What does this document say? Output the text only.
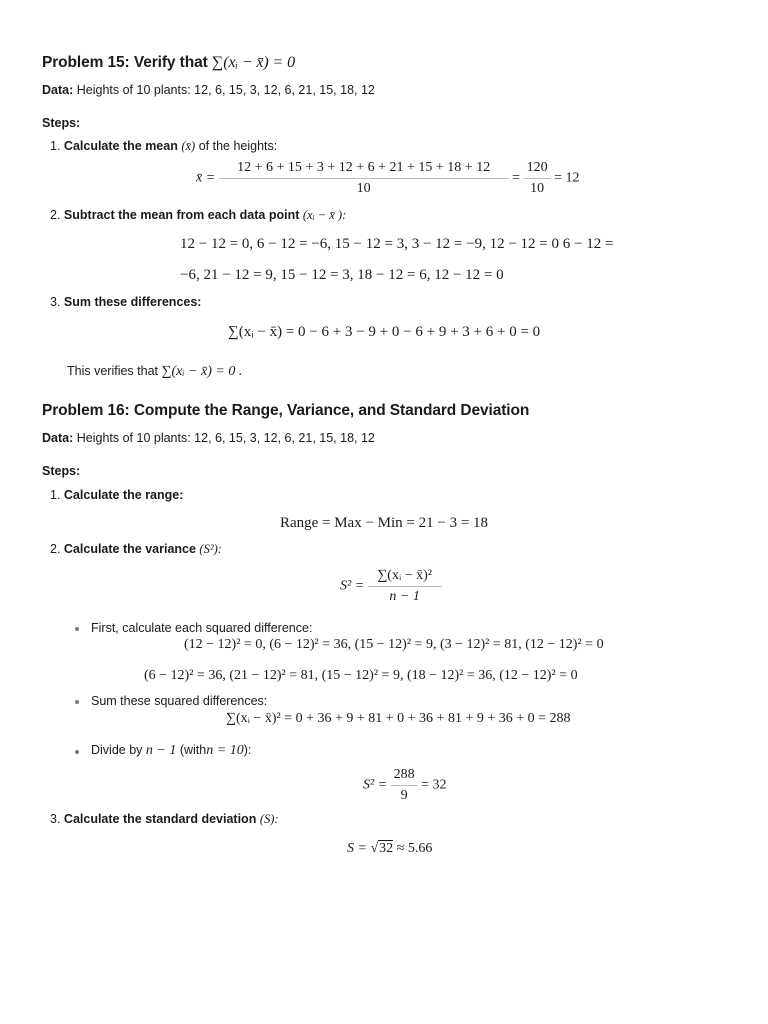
Problem 15: Verify that ∑(xᵢ − x̄) = 0
Data: Heights of 10 plants: 12, 6, 15, 3, 12, 6, 21, 15, 18, 12
Steps:
1. Calculate the mean (x̄) of the heights:
x̄ = $\frac{12 + 6 + 15 + 3 + 12 + 6 + 21 + 15 + 18 + 12}{10} = \frac{120}{10} = 12$
2. Subtract the mean from each data point (xᵢ − x̄ ):
12 − 12 = 0, 6 − 12 = −6, 15 − 12 = 3, 3 − 12 = −9, 12 − 12 = 0 6 − 12 =
−6, 21 − 12 = 9, 15 − 12 = 3, 18 − 12 = 6, 12 − 12 = 0
3. Sum these differences:
∑(xᵢ − x̄) = 0 − 6 + 3 − 9 + 0 − 6 + 9 + 3 + 6 + 0 = 0
This verifies that ∑(xᵢ − x̄) = 0 .
Problem 16: Compute the Range, Variance, and Standard Deviation
Data: Heights of 10 plants: 12, 6, 15, 3, 12, 6, 21, 15, 18, 12
Steps:
1. Calculate the range:
Range = Max − Min = 21 − 3 = 18
2. Calculate the variance (S²):
$S^2 = \frac{\text{∑(xᵢ − x̄)²}}{n - 1}$
First, calculate each squared difference:
(12 − 12)² = 0, (6 − 12)² = 36, (15 − 12)² = 9, (3 − 12)² = 81, (12 − 12)² = 0
(6 − 12)² = 36, (21 − 12)² = 81, (15 − 12)² = 9, (18 − 12)² = 36, (12 − 12)² = 0
Sum these squared differences:
∑(xᵢ − x̄)² = 0 + 36 + 9 + 81 + 0 + 36 + 81 + 9 + 36 + 0 = 288
Divide by n − 1 (withn = 10):
$S^2 = \frac{288}{9} = 32$
3. Calculate the standard deviation (S):
S = √32 ≈ 5.66
